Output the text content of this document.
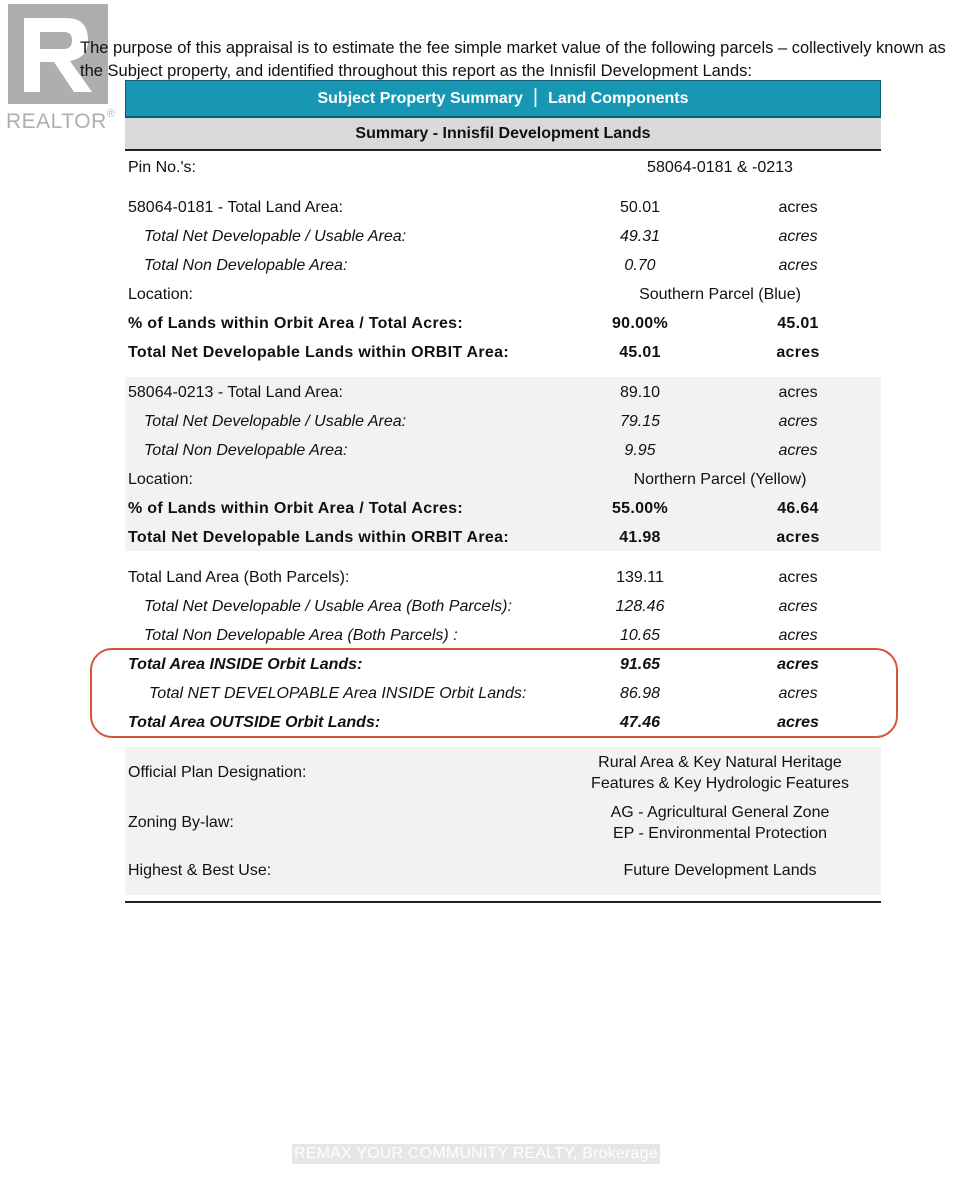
REALTOR®

The purpose of this appraisal is to estimate the fee simple market value of the following parcels – collectively known as the Subject property, and identified throughout this report as the Innisfil Development Lands:

Subject Property Summary | Land Components
Summary - Innisfil Development Lands
Pin No.'s:	58064-0181 & -0213
58064-0181 - Total Land Area:	50.01	acres
Total Net Developable / Usable Area:	49.31	acres
Total Non Developable Area:	0.70	acres
Location:	Southern Parcel (Blue)
% of Lands within Orbit Area / Total Acres:	90.00%	45.01
Total Net Developable Lands within ORBIT Area:	45.01	acres
58064-0213 - Total Land Area:	89.10	acres
Total Net Developable / Usable Area:	79.15	acres
Total Non Developable Area:	9.95	acres
Location:	Northern Parcel (Yellow)
% of Lands within Orbit Area / Total Acres:	55.00%	46.64
Total Net Developable Lands within ORBIT Area:	41.98	acres
Total Land Area (Both Parcels):	139.11	acres
Total Net Developable / Usable Area (Both Parcels):	128.46	acres
Total Non Developable Area (Both Parcels) :	10.65	acres
Total Area INSIDE Orbit Lands:	91.65	acres
Total NET DEVELOPABLE Area INSIDE Orbit Lands:	86.98	acres
Total Area OUTSIDE Orbit Lands:	47.46	acres
Official Plan Designation:
Rural Area & Key Natural Heritage
Features & Key Hydrologic Features
Zoning By-law:
AG - Agricultural General Zone
EP - Environmental Protection
Highest & Best Use:	Future Development Lands
REMAX YOUR COMMUNITY REALTY, Brokerage
